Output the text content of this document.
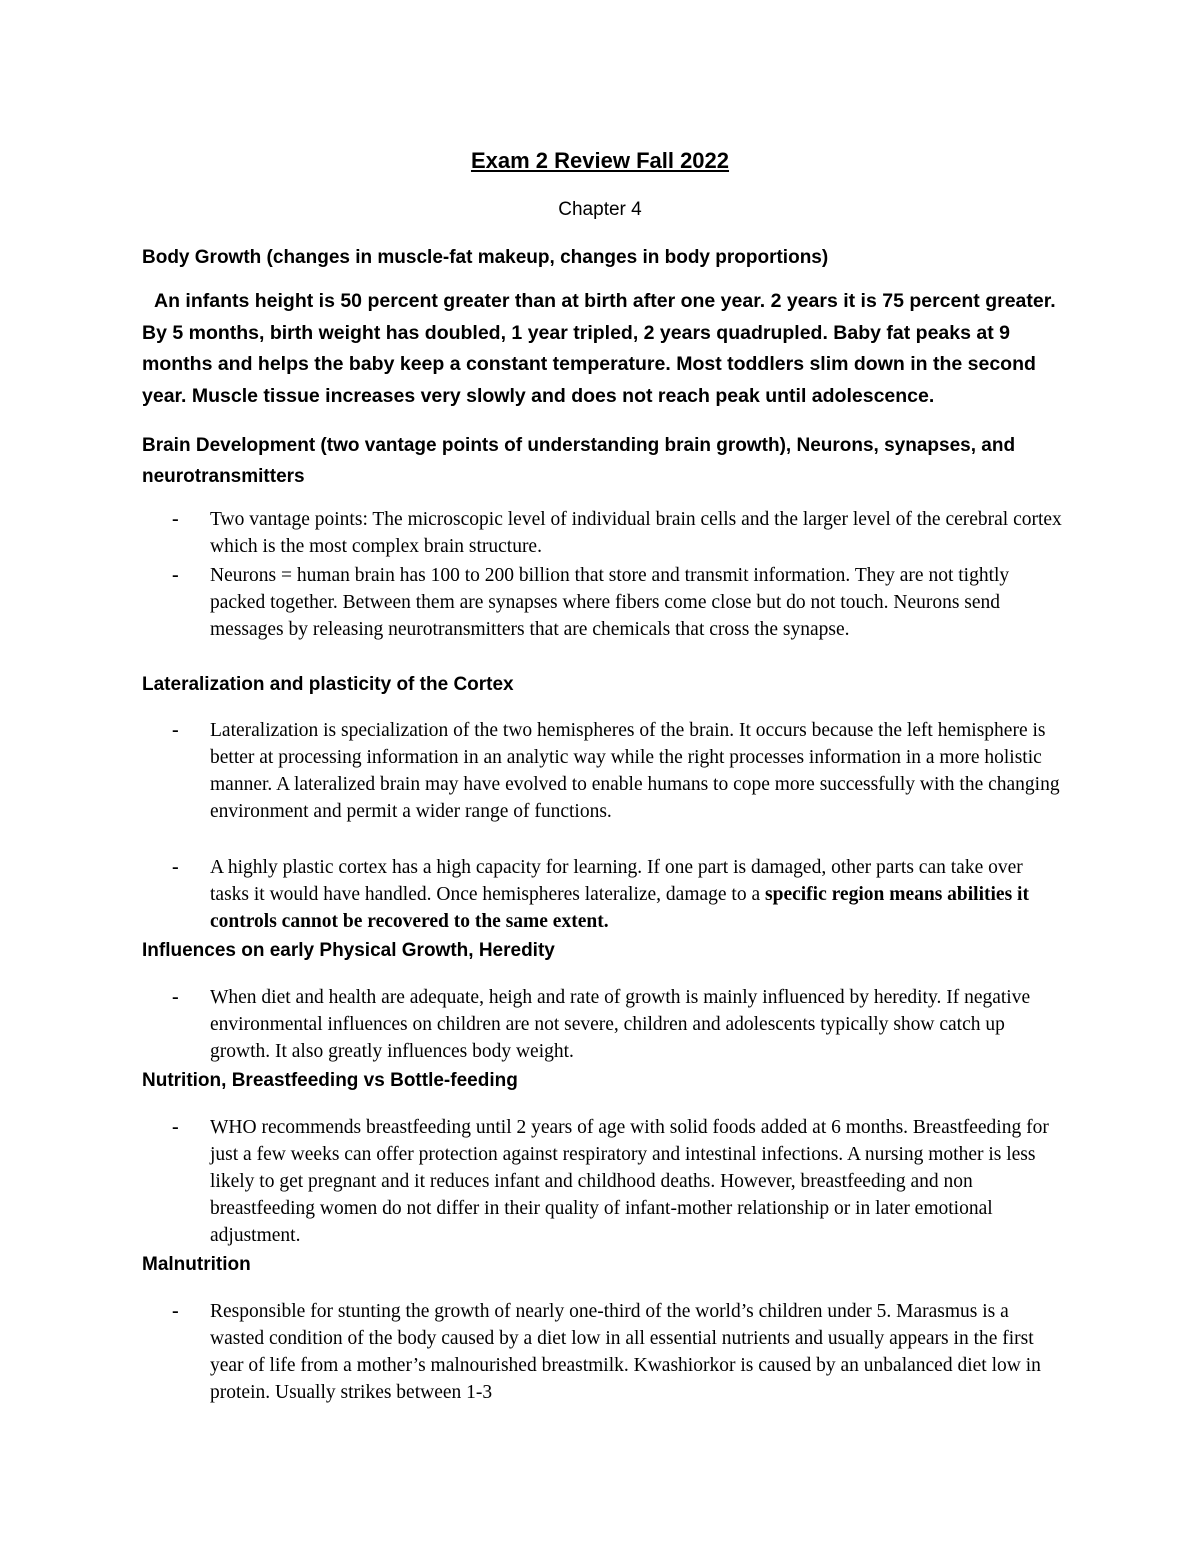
Exam 2 Review Fall 2022
Chapter 4
Body Growth (changes in muscle-fat makeup, changes in body proportions)
An infants height is 50 percent greater than at birth after one year. 2 years it is 75 percent greater. By 5 months, birth weight has doubled, 1 year tripled, 2 years quadrupled. Baby fat peaks at 9 months and helps the baby keep a constant temperature. Most toddlers slim down in the second year. Muscle tissue increases very slowly and does not reach peak until adolescence.
Brain Development (two vantage points of understanding brain growth), Neurons, synapses, and neurotransmitters
- Two vantage points: The microscopic level of individual brain cells and the larger level of the cerebral cortex which is the most complex brain structure.
- Neurons = human brain has 100 to 200 billion that store and transmit information. They are not tightly packed together. Between them are synapses where fibers come close but do not touch. Neurons send messages by releasing neurotransmitters that are chemicals that cross the synapse.
Lateralization and plasticity of the Cortex
- Lateralization is specialization of the two hemispheres of the brain. It occurs because the left hemisphere is better at processing information in an analytic way while the right processes information in a more holistic manner. A lateralized brain may have evolved to enable humans to cope more successfully with the changing environment and permit a wider range of functions.
- A highly plastic cortex has a high capacity for learning. If one part is damaged, other parts can take over tasks it would have handled. Once hemispheres lateralize, damage to a specific region means abilities it controls cannot be recovered to the same extent.
Influences on early Physical Growth, Heredity
- When diet and health are adequate, heigh and rate of growth is mainly influenced by heredity. If negative environmental influences on children are not severe, children and adolescents typically show catch up growth. It also greatly influences body weight.
Nutrition, Breastfeeding vs Bottle-feeding
- WHO recommends breastfeeding until 2 years of age with solid foods added at 6 months. Breastfeeding for just a few weeks can offer protection against respiratory and intestinal infections. A nursing mother is less likely to get pregnant and it reduces infant and childhood deaths. However, breastfeeding and non breastfeeding women do not differ in their quality of infant-mother relationship or in later emotional adjustment.
Malnutrition
- Responsible for stunting the growth of nearly one-third of the world’s children under 5. Marasmus is a wasted condition of the body caused by a diet low in all essential nutrients and usually appears in the first year of life from a mother’s malnourished breastmilk. Kwashiorkor is caused by an unbalanced diet low in protein. Usually strikes between 1-3
